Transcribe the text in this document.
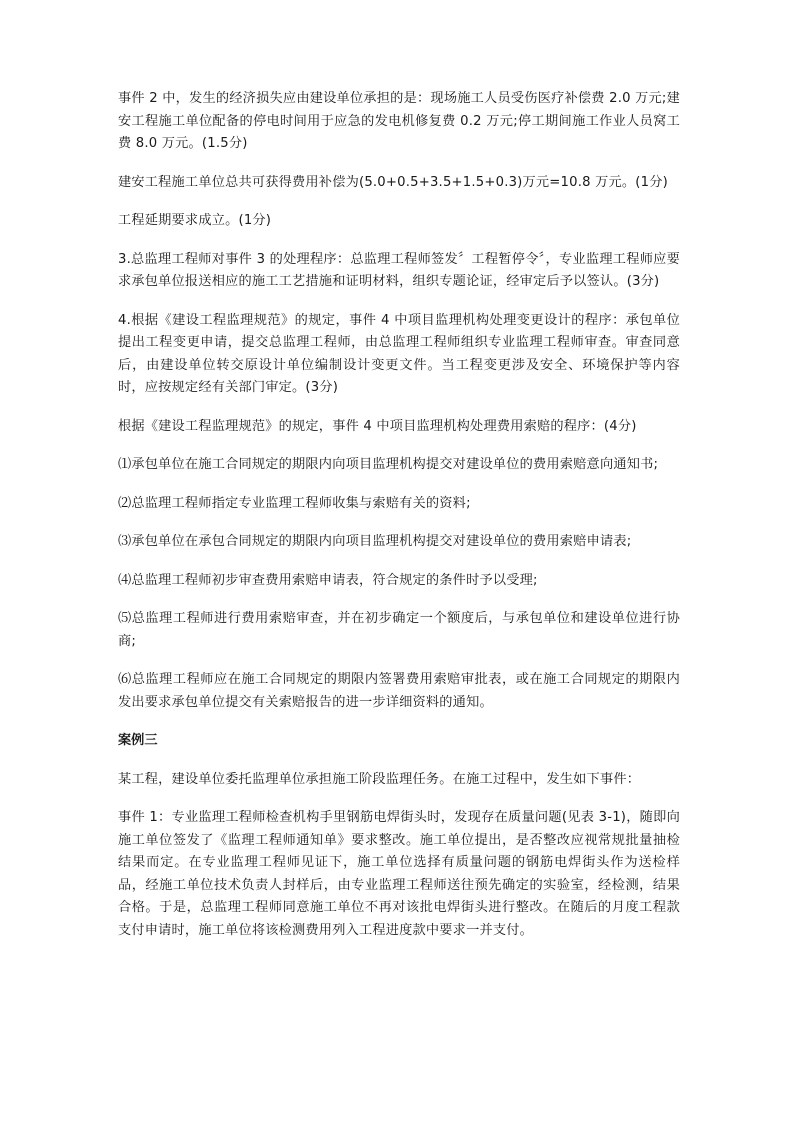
事件 2 中，发生的经济损失应由建设单位承担的是：现场施工人员受伤医疗补偿费 2.0 万元;建安工程施工单位配备的停电时间用于应急的发电机修复费 0.2 万元;停工期间施工作业人员窝工费 8.0 万元。(1.5分)

建安工程施工单位总共可获得费用补偿为(5.0+0.5+3.5+1.5+0.3)万元=10.8 万元。(1分)

工程延期要求成立。(1分)

3.总监理工程师对事件 3 的处理程序：总监理工程师签发〞工程暂停令〞，专业监理工程师应要求承包单位报送相应的施工工艺措施和证明材料，组织专题论证，经审定后予以签认。(3分)

4.根据《建设工程监理规范》的规定，事件 4 中项目监理机构处理变更设计的程序：承包单位提出工程变更申请，提交总监理工程师，由总监理工程师组织专业监理工程师审查。审查同意后，由建设单位转交原设计单位编制设计变更文件。当工程变更涉及安全、环境保护等内容时，应按规定经有关部门审定。(3分)

根据《建设工程监理规范》的规定，事件 4 中项目监理机构处理费用索赔的程序：(4分)

⑴承包单位在施工合同规定的期限内向项目监理机构提交对建设单位的费用索赔意向通知书;

⑵总监理工程师指定专业监理工程师收集与索赔有关的资料;

⑶承包单位在承包合同规定的期限内向项目监理机构提交对建设单位的费用索赔申请表;

⑷总监理工程师初步审查费用索赔申请表，符合规定的条件时予以受理;

⑸总监理工程师进行费用索赔审查，并在初步确定一个额度后，与承包单位和建设单位进行协商;

⑹总监理工程师应在施工合同规定的期限内签署费用索赔审批表，或在施工合同规定的期限内发出要求承包单位提交有关索赔报告的进一步详细资料的通知。

案例三

某工程，建设单位委托监理单位承担施工阶段监理任务。在施工过程中，发生如下事件：

事件 1：专业监理工程师检查机构手里钢筋电焊街头时，发现存在质量问题(见表 3-1)，随即向施工单位签发了《监理工程师通知单》要求整改。施工单位提出，是否整改应视常规批量抽检结果而定。在专业监理工程师见证下，施工单位选择有质量问题的钢筋电焊街头作为送检样品，经施工单位技术负责人封样后，由专业监理工程师送往预先确定的实验室，经检测，结果合格。于是，总监理工程师同意施工单位不再对该批电焊街头进行整改。在随后的月度工程款支付申请时，施工单位将该检测费用列入工程进度款中要求一并支付。
